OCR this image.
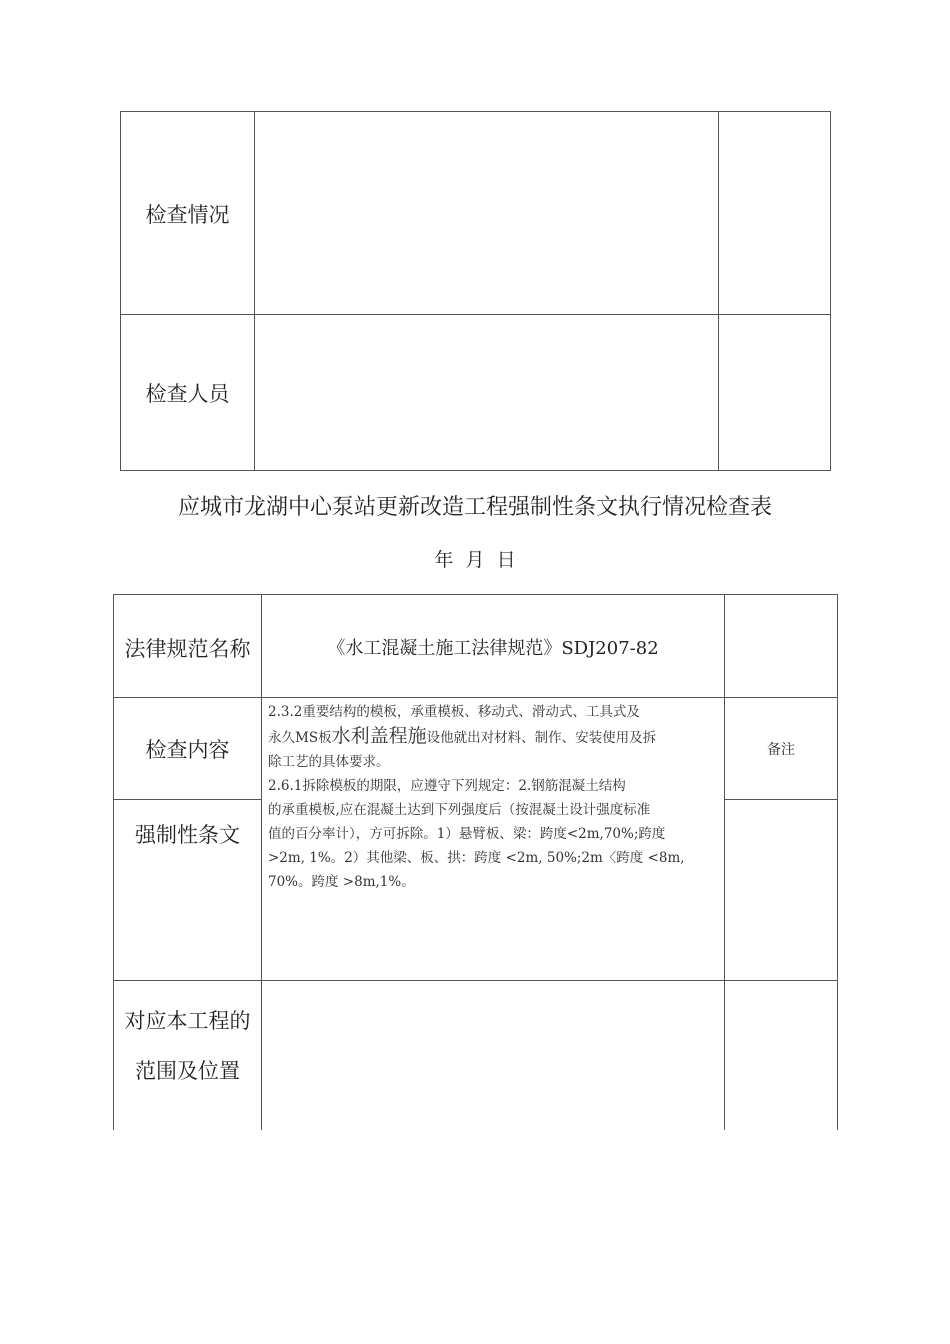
检查情况
检查人员
应城市龙湖中心泵站更新改造工程强制性条文执行情况检查表
年  月  日
法律规范名称	《水工混凝土施工法律规范》SDJ207-82
检查内容	备注
强制性条文
2.3.2重要结构的模板，承重模板、移动式、滑动式、工具式及
永久MS板水利盖程施设他就出对材料、制作、安装使用及拆
除工艺的具体要求。
2.6.1拆除模板的期限，应遵守下列规定：2.钢筋混凝土结构
的承重模板,应在混凝土达到下列强度后（按混凝土设计强度标准
值的百分率计），方可拆除。1）悬臂板、梁：跨度<2m,70%;跨度
>2m, 1%。2）其他梁、板、拱：跨度 <2m, 50%;2m〈跨度 <8m,
70%。跨度 >8m,1%。
对应本工程的
范围及位置
